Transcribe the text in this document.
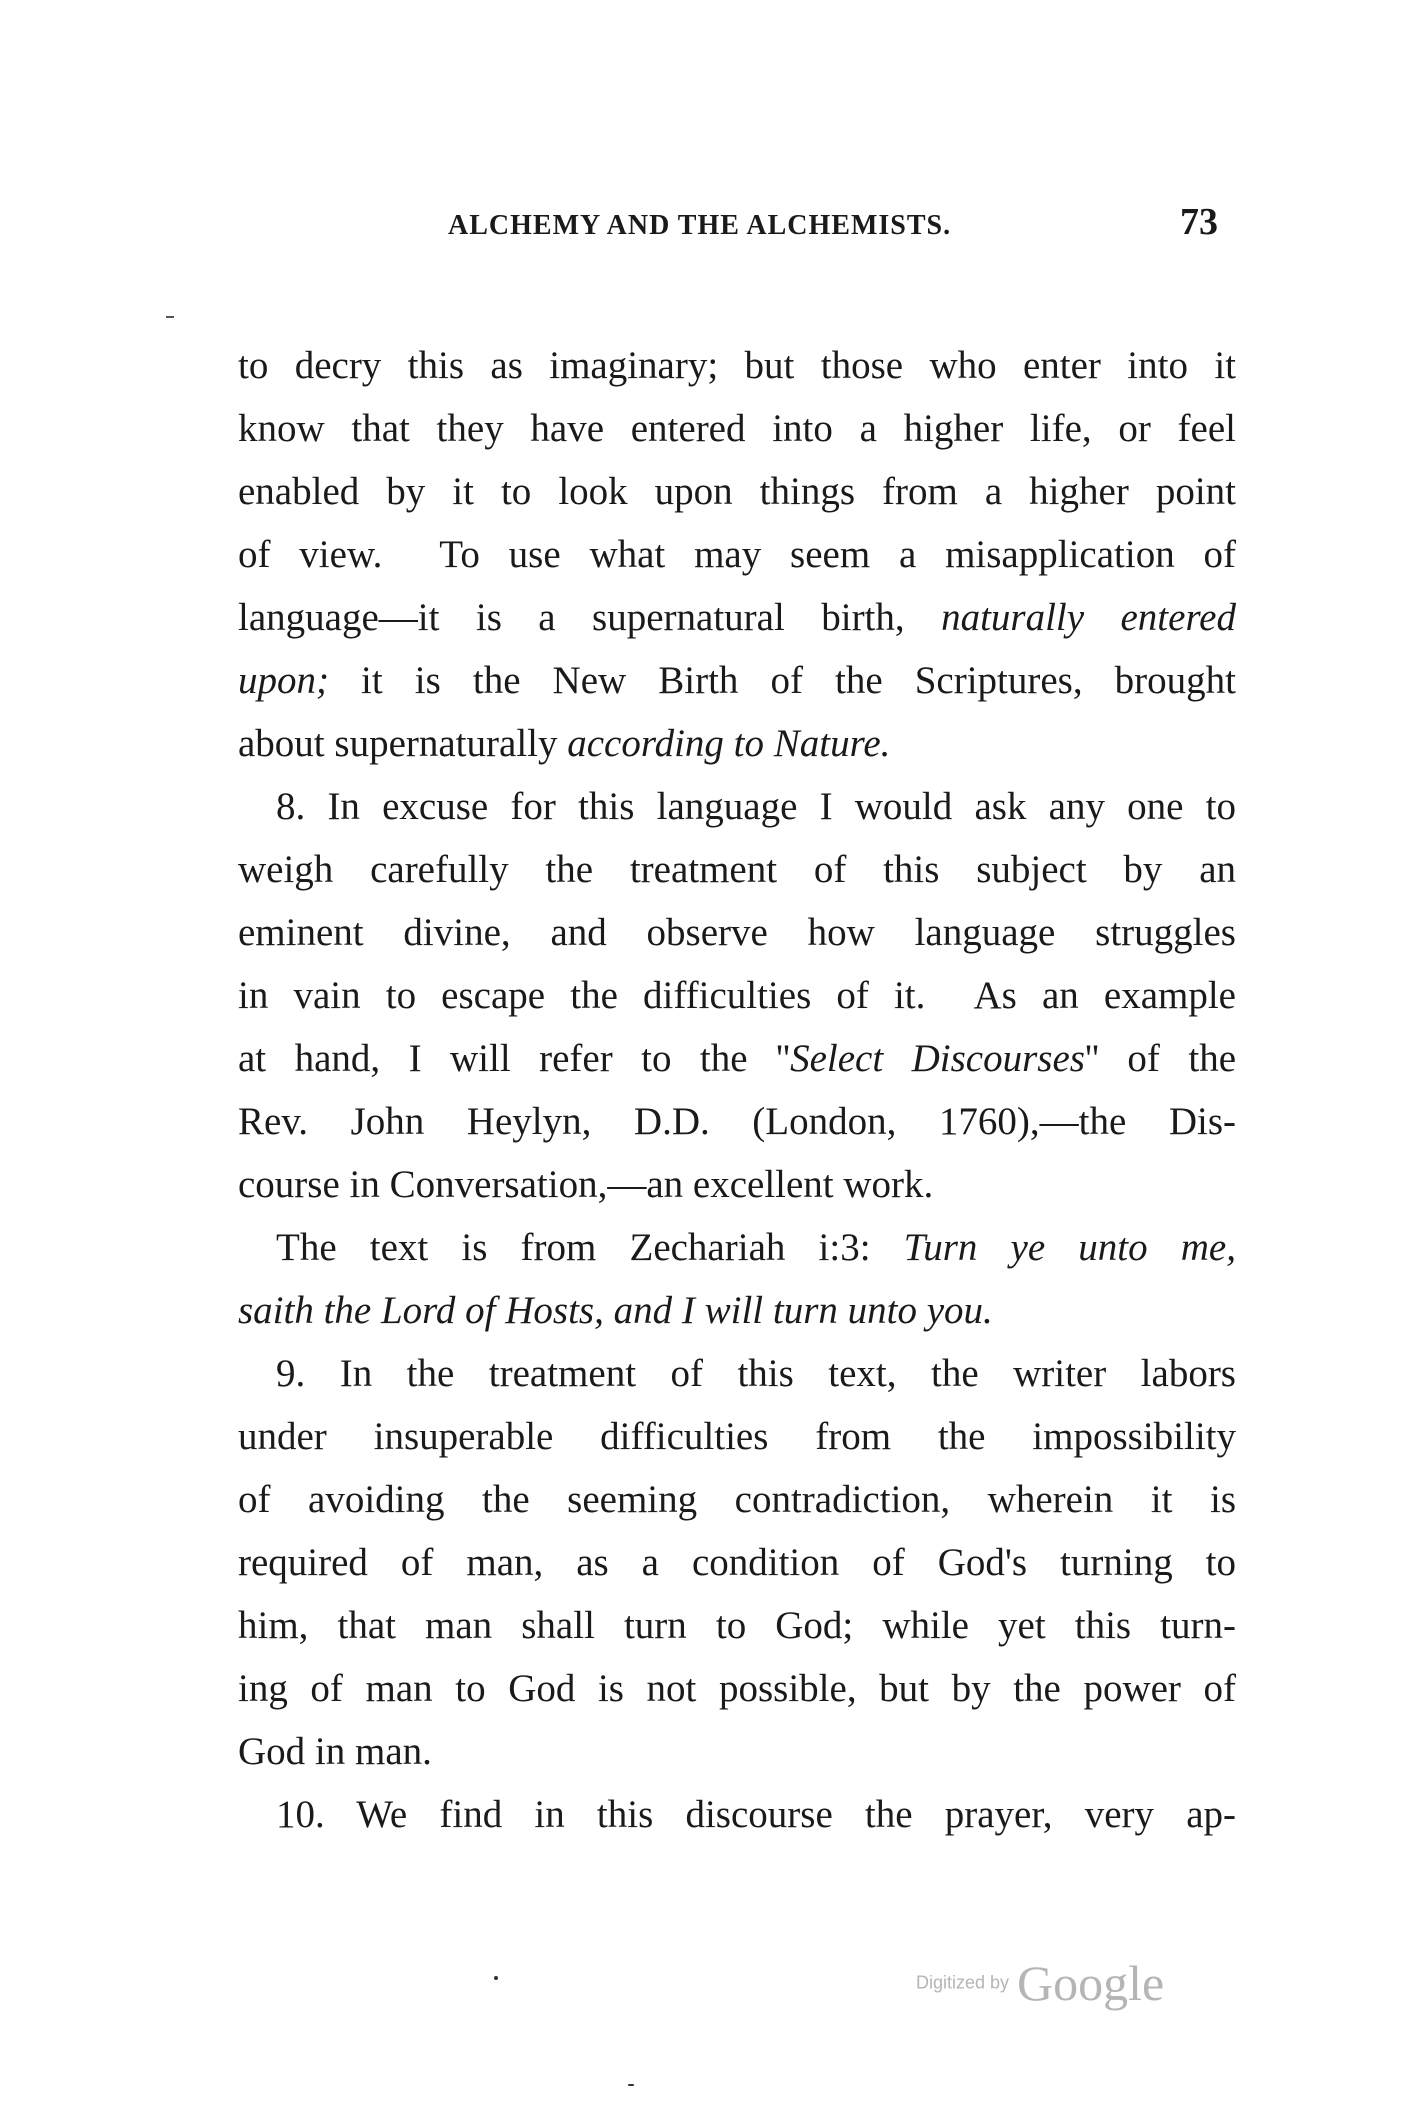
ALCHEMY AND THE ALCHEMISTS.	73
to decry this as imaginary; but those who enter into it
know that they have entered into a higher life, or feel
enabled by it to look upon things from a higher point
of view.  To use what may seem a misapplication of
language—it is a supernatural birth, naturally entered
upon; it is the New Birth of the Scriptures, brought
about supernaturally according to Nature.
8. In excuse for this language I would ask any one to
weigh carefully the treatment of this subject by an
eminent divine, and observe how language struggles
in vain to escape the difficulties of it.  As an example
at hand, I will refer to the ''Select Discourses'' of the
Rev. John Heylyn, D.D. (London, 1760),—the Dis-
course in Conversation,—an excellent work.
The text is from Zechariah i:3: Turn ye unto me,
saith the Lord of Hosts, and I will turn unto you.
9. In the treatment of this text, the writer labors
under insuperable difficulties from the impossibility
of avoiding the seeming contradiction, wherein it is
required of man, as a condition of God's turning to
him, that man shall turn to God; while yet this turn-
ing of man to God is not possible, but by the power of
God in man.
10. We find in this discourse the prayer, very ap-
Digitized by Google
